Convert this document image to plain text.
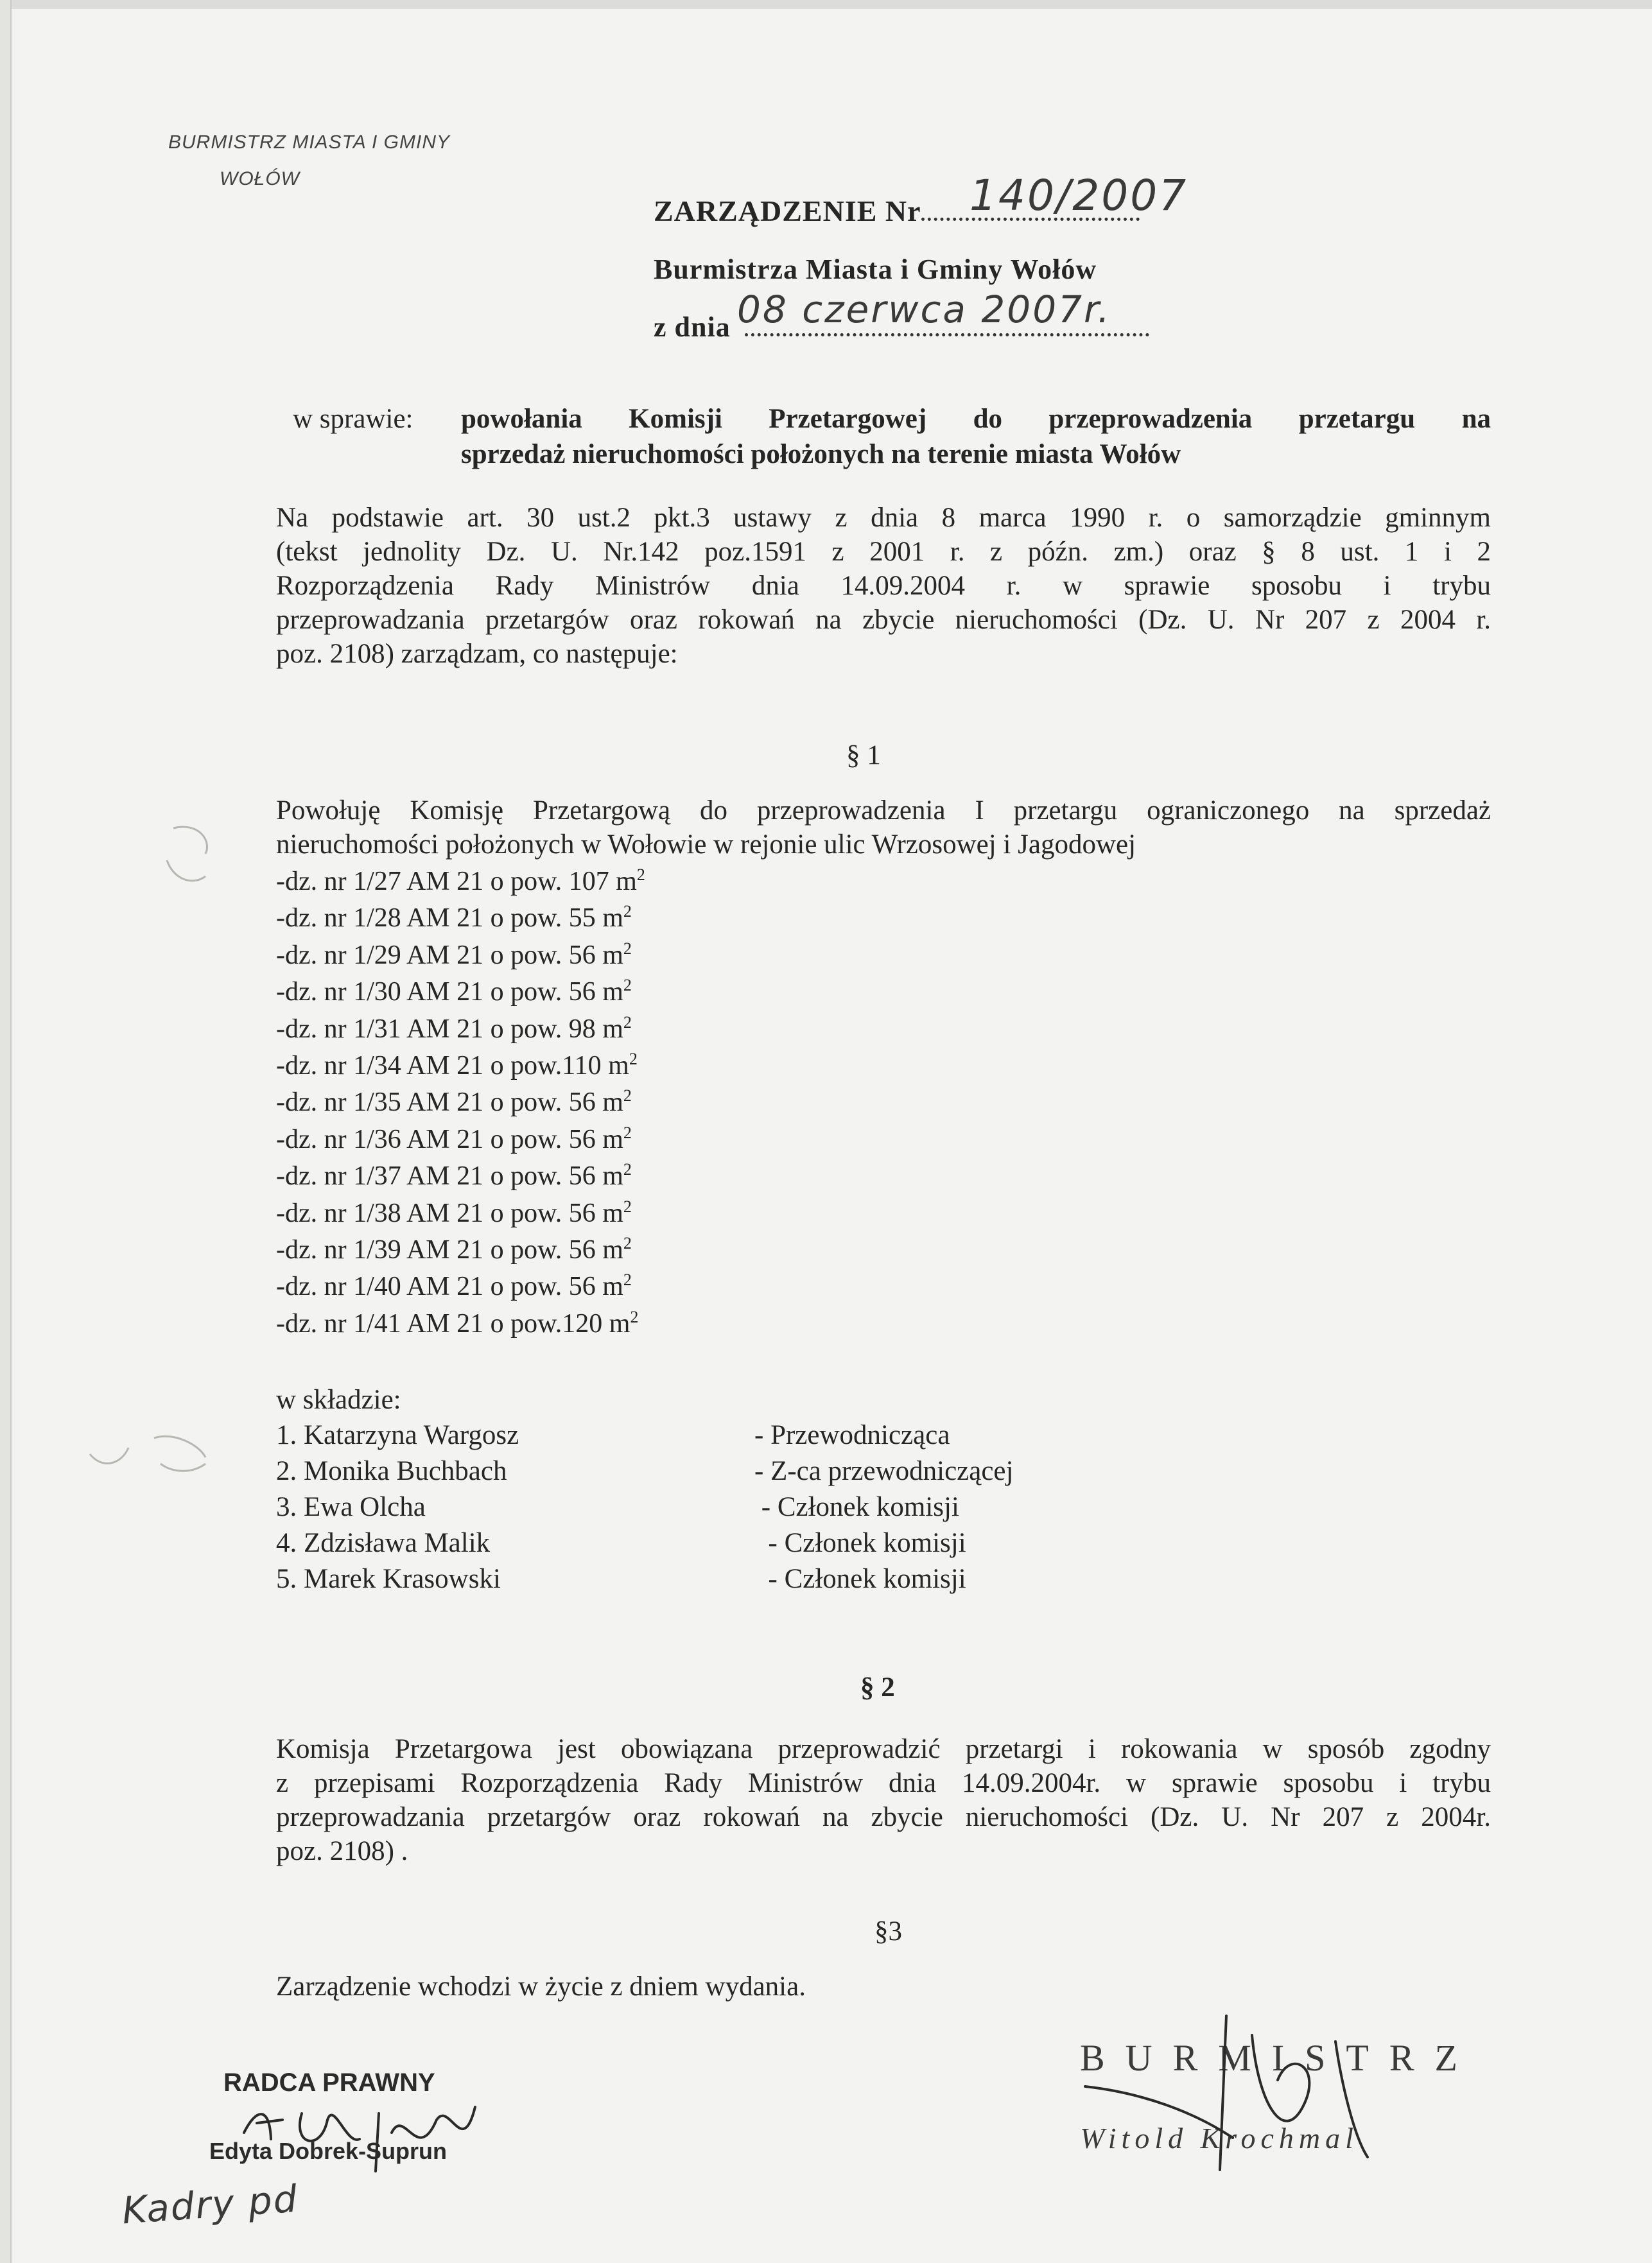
BURMISTRZ MIASTA I GMINY
WOŁÓW
ZARZĄDZENIE Nr	140/2007
Burmistrza Miasta i Gminy Wołów
z dnia 08 czerwca 2007r.
w sprawie: powołania Komisji Przetargowej do przeprowadzenia przetargu na
sprzedaż nieruchomości położonych na terenie miasta Wołów
Na podstawie art. 30 ust.2 pkt.3 ustawy z dnia 8 marca 1990 r. o samorządzie gminnym
(tekst jednolity Dz. U. Nr.142 poz.1591 z 2001 r. z późn. zm.) oraz § 8 ust. 1 i 2
Rozporządzenia Rady Ministrów dnia 14.09.2004 r. w sprawie sposobu i trybu
przeprowadzania przetargów oraz rokowań na zbycie nieruchomości (Dz. U. Nr 207 z 2004 r.
poz. 2108) zarządzam, co następuje:
§ 1
Powołuję Komisję Przetargową do przeprowadzenia I przetargu ograniczonego na sprzedaż
nieruchomości położonych w Wołowie w rejonie ulic Wrzosowej i Jagodowej
-dz. nr 1/27 AM 21 o pow. 107 $m^2$
-dz. nr 1/28 AM 21 o pow. 55 $m^2$
-dz. nr 1/29 AM 21 o pow. 56 $m^2$
-dz. nr 1/30 AM 21 o pow. 56 $m^2$
-dz. nr 1/31 AM 21 o pow. 98 $m^2$
-dz. nr 1/34 AM 21 o pow.110 $m^2$
-dz. nr 1/35 AM 21 o pow. 56 $m^2$
-dz. nr 1/36 AM 21 o pow. 56 $m^2$
-dz. nr 1/37 AM 21 o pow. 56 $m^2$
-dz. nr 1/38 AM 21 o pow. 56 $m^2$
-dz. nr 1/39 AM 21 o pow. 56 $m^2$
-dz. nr 1/40 AM 21 o pow. 56 $m^2$
-dz. nr 1/41 AM 21 o pow.120 $m^2$
w składzie:
1. Katarzyna Wargosz
2. Monika Buchbach
3. Ewa Olcha
4. Zdzisława Malik
5. Marek Krasowski
- Przewodnicząca
- Z-ca przewodniczącej
- Członek komisji
- Członek komisji
- Członek komisji
§ 2
Komisja Przetargowa jest obowiązana przeprowadzić przetargi i rokowania w sposób zgodny
z przepisami Rozporządzenia Rady Ministrów dnia 14.09.2004r. w sprawie sposobu i trybu
przeprowadzania przetargów oraz rokowań na zbycie nieruchomości (Dz. U. Nr 207 z 2004r.
poz. 2108) .
§3
Zarządzenie wchodzi w życie z dniem wydania.
RADCA PRAWNY
Edyta Dobrek-Suprun
Kadry pd
BURMISTRZ
Witold Krochmal
